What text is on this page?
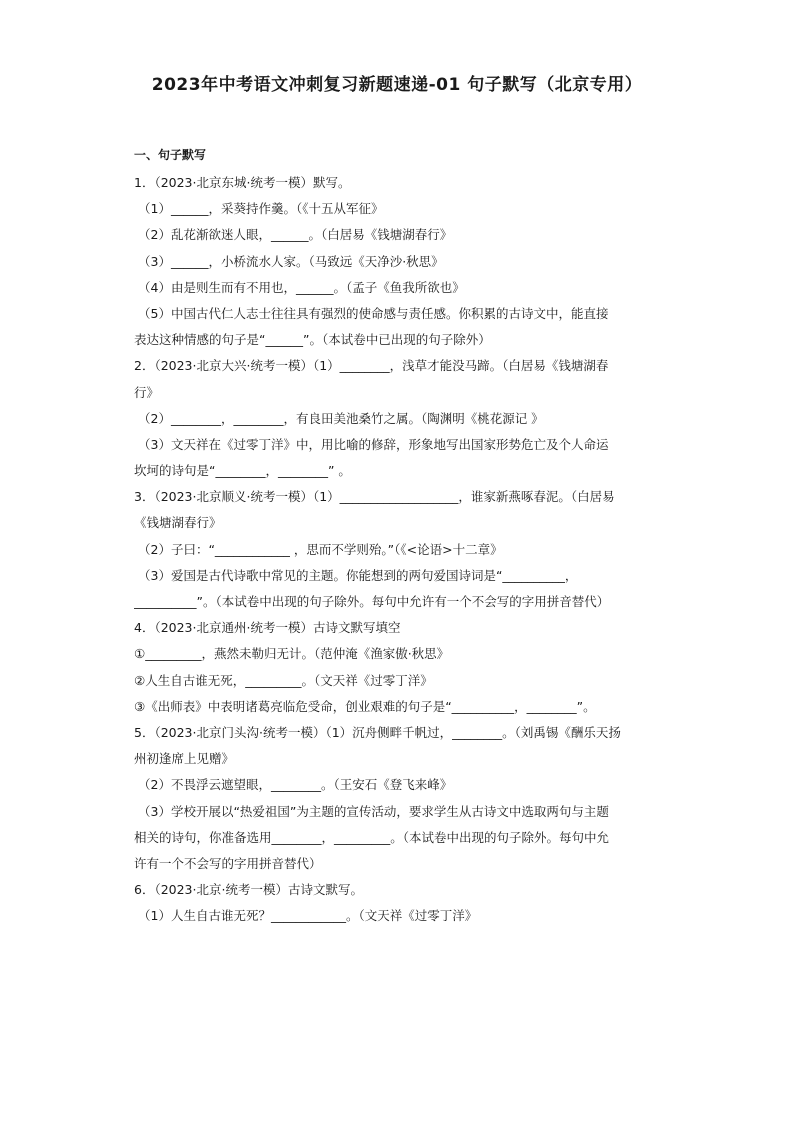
2023年中考语文冲刺复习新题速递-01 句子默写（北京专用）
一、句子默写
1．（2023·北京东城·统考一模）默写。
（1）______，采葵持作羹。（《十五从军征》
（2）乱花渐欲迷人眼，______。（白居易《钱塘湖春行》
（3）______，小桥流水人家。（马致远《天净沙·秋思》
（4）由是则生而有不用也，______。（孟子《鱼我所欲也》
（5）中国古代仁人志士往往具有强烈的使命感与责任感。你积累的古诗文中，能直接
表达这种情感的句子是“______”。（本试卷中已出现的句子除外）
2．（2023·北京大兴·统考一模）（1）________，浅草才能没马蹄。（白居易《钱塘湖春
行》
（2）________，________，有良田美池桑竹之属。（陶渊明《桃花源记 》
（3）文天祥在《过零丁洋》中，用比喻的修辞，形象地写出国家形势危亡及个人命运
坎坷的诗句是“________，________” 。
3．（2023·北京顺义·统考一模）（1）___________________，谁家新燕啄春泥。（白居易
《钱塘湖春行》
（2）子曰：“____________ ，思而不学则殆。”（《<论语>十二章》
（3）爱国是古代诗歌中常见的主题。你能想到的两句爱国诗词是“__________，
__________”。（本试卷中出现的句子除外。每句中允许有一个不会写的字用拼音替代）
4．（2023·北京通州·统考一模）古诗文默写填空
①_________，燕然未勒归无计。（范仲淹《渔家傲·秋思》
②人生自古谁无死，_________。（文天祥《过零丁洋》
③《出师表》中表明诸葛亮临危受命，创业艰难的句子是“__________，________”。
5．（2023·北京门头沟·统考一模）（1）沉舟侧畔千帆过，________。（刘禹锡《酬乐天扬
州初逢席上见赠》
（2）不畏浮云遮望眼，________。（王安石《登飞来峰》
（3）学校开展以“热爱祖国”为主题的宣传活动，要求学生从古诗文中选取两句与主题
相关的诗句，你准备选用________，_________。（本试卷中出现的句子除外。每句中允
许有一个不会写的字用拼音替代）
6．（2023·北京·统考一模）古诗文默写。
（1）人生自古谁无死？____________。（文天祥《过零丁洋》
